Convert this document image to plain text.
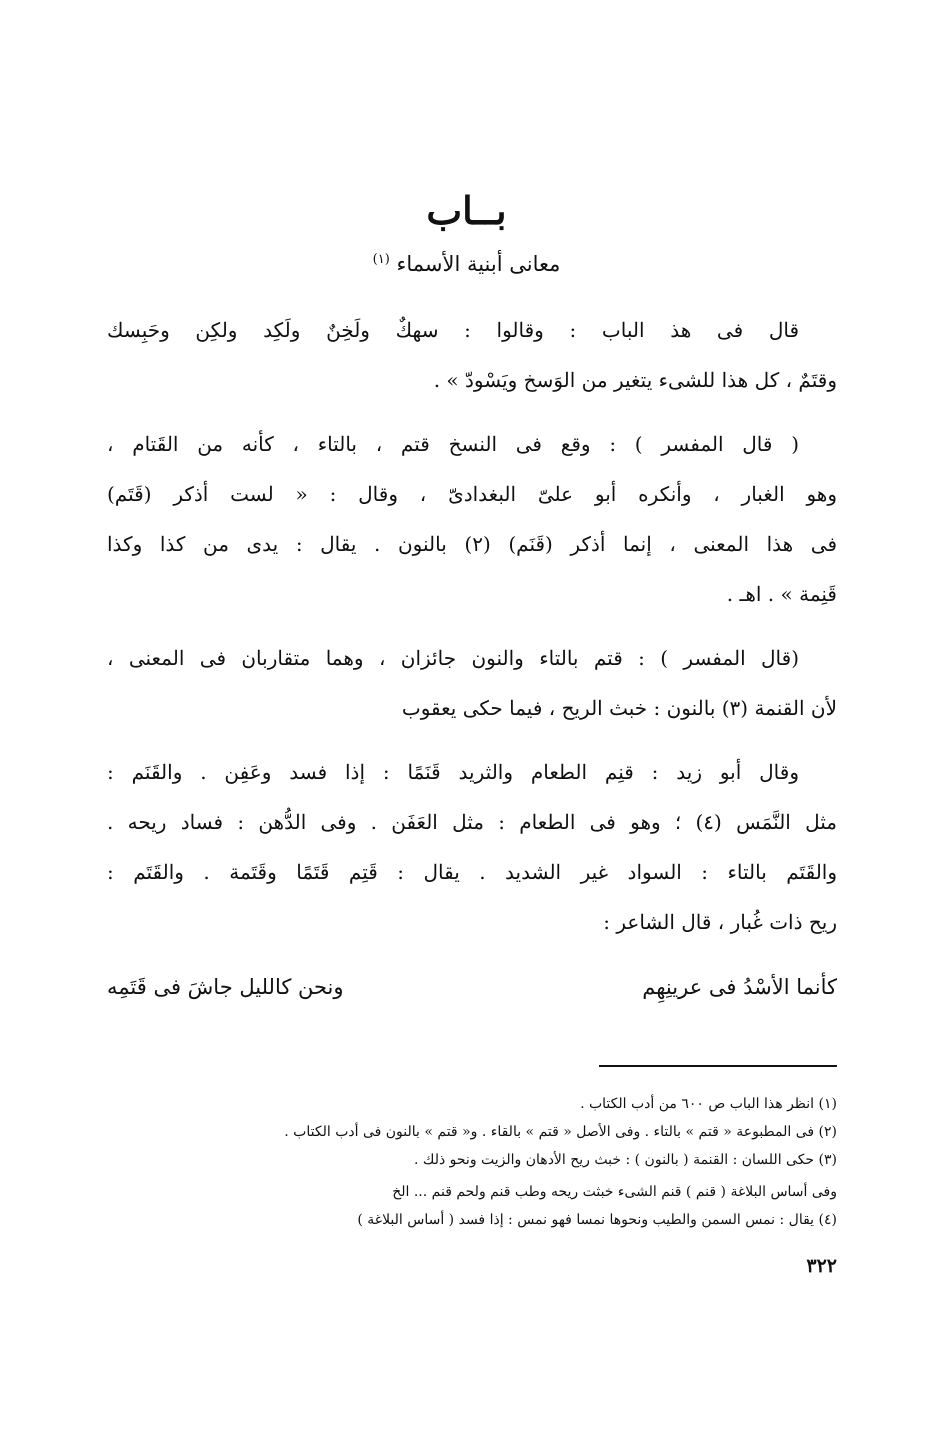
بــاب
معانى أبنية الأسماء $^{(١)}$
قال فى هذ الباب : وقالوا : سهكٌ ولَخِنٌ ولَكِد ولكِن وحَبِسك
وقتَمٌ ، كل هذا للشىء يتغير من الوَسخ ويَسْودّ » .
( قال المفسر ) : وقع فى النسخ قتم ، بالتاء ، كأنه من القَتام ،
وهو الغبار ، وأنكره أبو علىّ البغدادىّ ، وقال : « لست أذكر (قَتَم)
فى هذا المعنى ، إنما أذكر (قَنَم) (٢) بالنون . يقال : يدى من كذا وكذا
قَنِمة » . اهـ .
(قال المفسر ) : قتم بالتاء والنون جائزان ، وهما متقاربان فى المعنى ،
لأن القنمة (٣) بالنون : خبث الريح ، فيما حكى يعقوب
وقال أبو زيد : قنِم الطعام والثريد قَنَمًا : إذا فسد وعَفِن . والقَنَم :
مثل النَّمَس (٤) ؛ وهو فى الطعام : مثل العَفَن . وفى الدُّهن : فساد ريحه .
والقَتَم بالتاء : السواد غير الشديد . يقال : قَتِم قَتَمًا وقَتَمة . والقَتَم :
ريح ذات غُبار ، قال الشاعر :
كأنما الأسْدُ فى عرينِهِم
ونحن كالليل جاشَ فى قَتَمِه
(١) انظر هذا الباب ص ٦٠٠ من أدب الكتاب .
(٢) فى المطبوعة « قتم » بالتاء . وفى الأصل « قتم » بالقاء . و« قتم » بالنون فى أدب الكتاب .
(٣) حكى اللسان : القنمة ( بالنون ) : خبث ريح الأدهان والزيت ونحو ذلك .
وفى أساس البلاغة ( قنم ) قنم الشىء خبثت ريحه وطب قنم ولحم قنم ... الخ
(٤) يقال : نمس السمن والطيب ونحوها نمسا فهو نمس : إذا فسد ( أساس البلاغة )
٣٢٢
